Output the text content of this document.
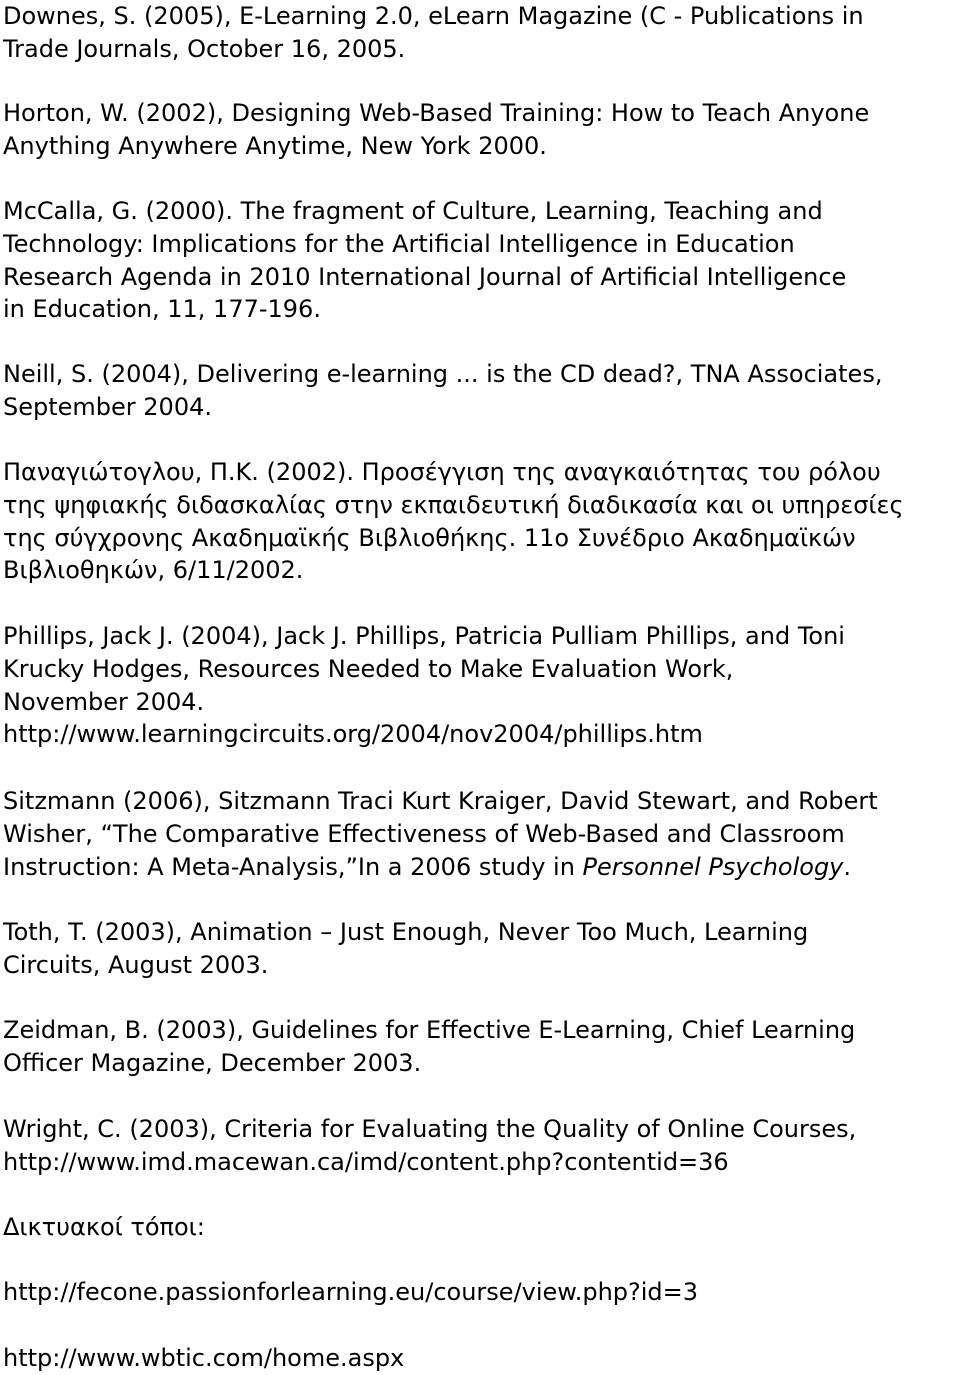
Downes, S. (2005), E-Learning 2.0, eLearn Magazine (C - Publications in
Trade Journals, October 16, 2005.
Horton, W. (2002), Designing Web-Based Training: How to Teach Anyone
Anything Anywhere Anytime, New York 2000.
McCalla, G. (2000). The fragment of Culture, Learning, Teaching and
Technology: Implications for the Artificial Intelligence in Education
Research Agenda in 2010 International Journal of Artificial Intelligence
in Education, 11, 177-196.
Neill, S. (2004), Delivering e-learning ... is the CD dead?, TNA Associates,
September 2004.
Παναγιώτογλου, Π.Κ. (2002). Προσέγγιση της αναγκαιότητας του ρόλου
της ψηφιακής διδασκαλίας στην εκπαιδευτική διαδικασία και οι υπηρεσίες
της σύγχρονης Ακαδημαϊκής Βιβλιοθήκης. 11ο Συνέδριο Ακαδημαϊκών
Βιβλιοθηκών, 6/11/2002.
Phillips, Jack J. (2004), Jack J. Phillips, Patricia Pulliam Phillips, and Toni
Krucky Hodges, Resources Needed to Make Evaluation Work,
November 2004.
http://www.learningcircuits.org/2004/nov2004/phillips.htm
Sitzmann (2006), Sitzmann Traci Kurt Kraiger, David Stewart, and Robert
Wisher, “The Comparative Effectiveness of Web-Based and Classroom
Instruction: A Meta-Analysis,”In a 2006 study in Personnel Psychology.
Toth, T. (2003), Animation – Just Enough, Never Too Much, Learning
Circuits, August 2003.
Zeidman, B. (2003), Guidelines for Effective E-Learning, Chief Learning
Officer Magazine, December 2003.
Wright, C. (2003), Criteria for Evaluating the Quality of Online Courses,
http://www.imd.macewan.ca/imd/content.php?contentid=36
Δικτυακοί τόποι:
http://fecone.passionforlearning.eu/course/view.php?id=3
http://www.wbtic.com/home.aspx
